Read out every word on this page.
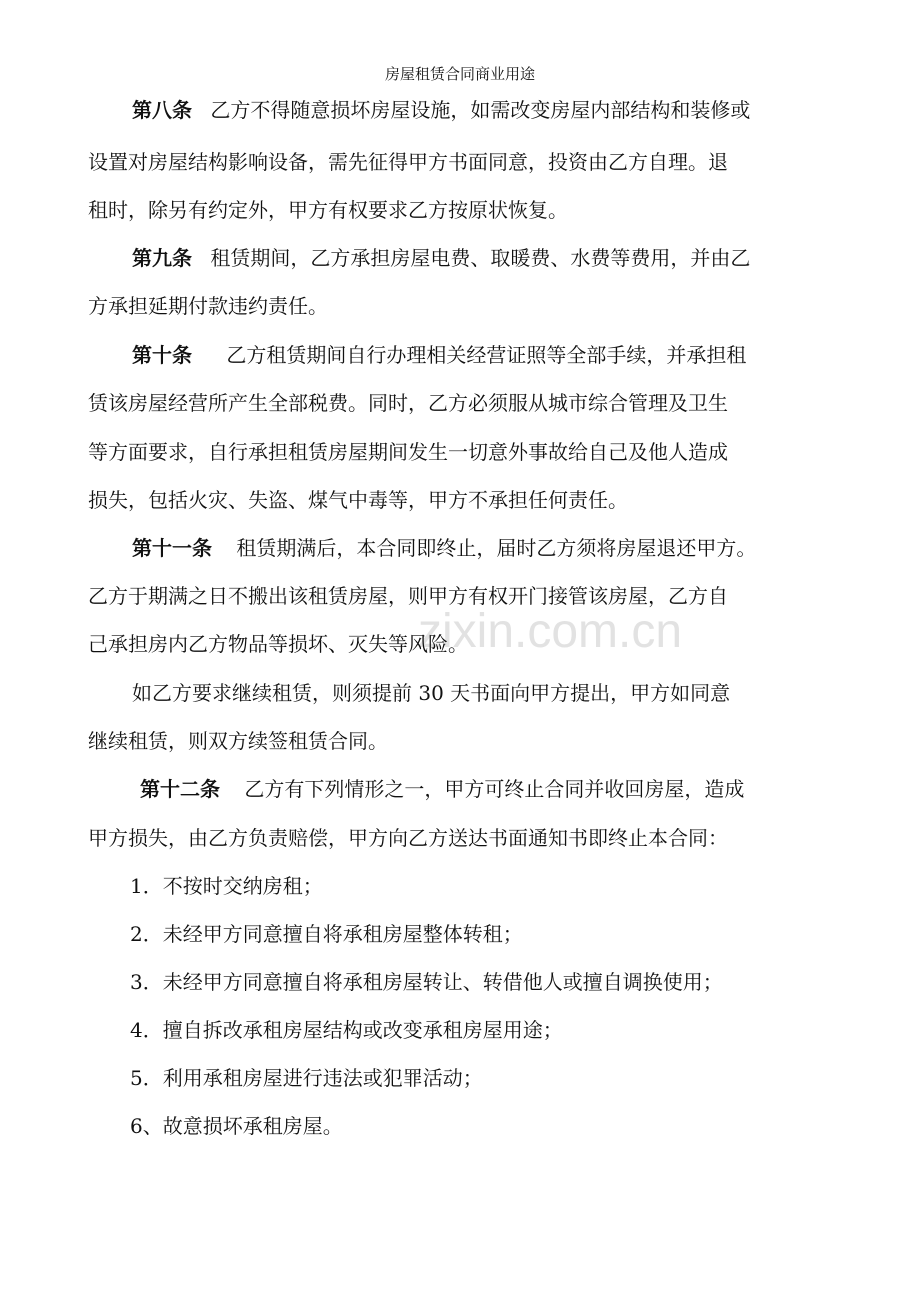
房屋租赁合同商业用途
zixin.com.cn
第八条 乙方不得随意损坏房屋设施，如需改变房屋内部结构和装修或
设置对房屋结构影响设备，需先征得甲方书面同意，投资由乙方自理。退
租时，除另有约定外，甲方有权要求乙方按原状恢复。
第九条 租赁期间，乙方承担房屋电费、取暖费、水费等费用，并由乙
方承担延期付款违约责任。
第十条 乙方租赁期间自行办理相关经营证照等全部手续，并承担租
赁该房屋经营所产生全部税费。同时，乙方必须服从城市综合管理及卫生
等方面要求，自行承担租赁房屋期间发生一切意外事故给自己及他人造成
损失，包括火灾、失盗、煤气中毒等，甲方不承担任何责任。
第十一条 租赁期满后，本合同即终止，届时乙方须将房屋退还甲方。
乙方于期满之日不搬出该租赁房屋，则甲方有权开门接管该房屋，乙方自
己承担房内乙方物品等损坏、灭失等风险。
如乙方要求继续租赁，则须提前 30 天书面向甲方提出，甲方如同意
继续租赁，则双方续签租赁合同。
第十二条 乙方有下列情形之一，甲方可终止合同并收回房屋，造成
甲方损失，由乙方负责赔偿，甲方向乙方送达书面通知书即终止本合同：
1．不按时交纳房租；
2．未经甲方同意擅自将承租房屋整体转租；
3．未经甲方同意擅自将承租房屋转让、转借他人或擅自调换使用；
4．擅自拆改承租房屋结构或改变承租房屋用途；
5．利用承租房屋进行违法或犯罪活动；
6、故意损坏承租房屋。
